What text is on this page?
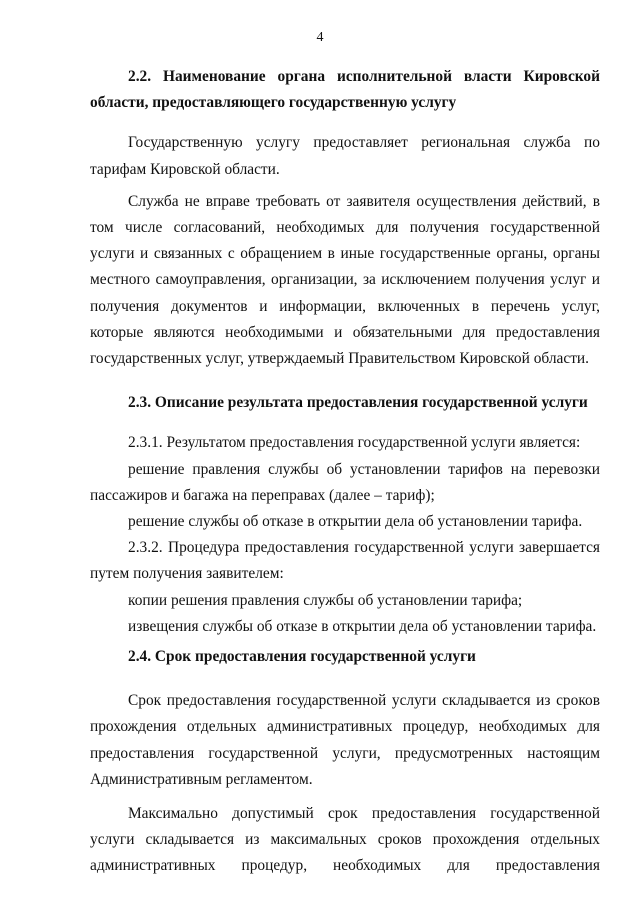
4

2.2. Наименование органа исполнительной власти Кировской области, предоставляющего государственную услугу

Государственную услугу предоставляет региональная служба по тарифам Кировской области.

Служба не вправе требовать от заявителя осуществления действий, в том числе согласований, необходимых для получения государственной услуги и связанных с обращением в иные государственные органы, органы местного самоуправления, организации, за исключением получения услуг и получения документов и информации, включенных в перечень услуг, которые являются необходимыми и обязательными для предоставления государственных услуг, утверждаемый Правительством Кировской области.

2.3. Описание результата предоставления государственной услуги

2.3.1. Результатом предоставления государственной услуги является:

решение правления службы об установлении тарифов на перевозки пассажиров и багажа на переправах (далее – тариф);

решение службы об отказе в открытии дела об установлении тарифа.

2.3.2. Процедура предоставления государственной услуги завершается путем получения заявителем:

копии решения правления службы об установлении тарифа;

извещения службы об отказе в открытии дела об установлении тарифа.

2.4. Срок предоставления государственной услуги

Срок предоставления государственной услуги складывается из сроков прохождения отдельных административных процедур, необходимых для предоставления государственной услуги, предусмотренных настоящим Административным регламентом.

Максимально допустимый срок предоставления государственной услуги складывается из максимальных сроков прохождения отдельных

административных процедур, необходимых для предоставления
